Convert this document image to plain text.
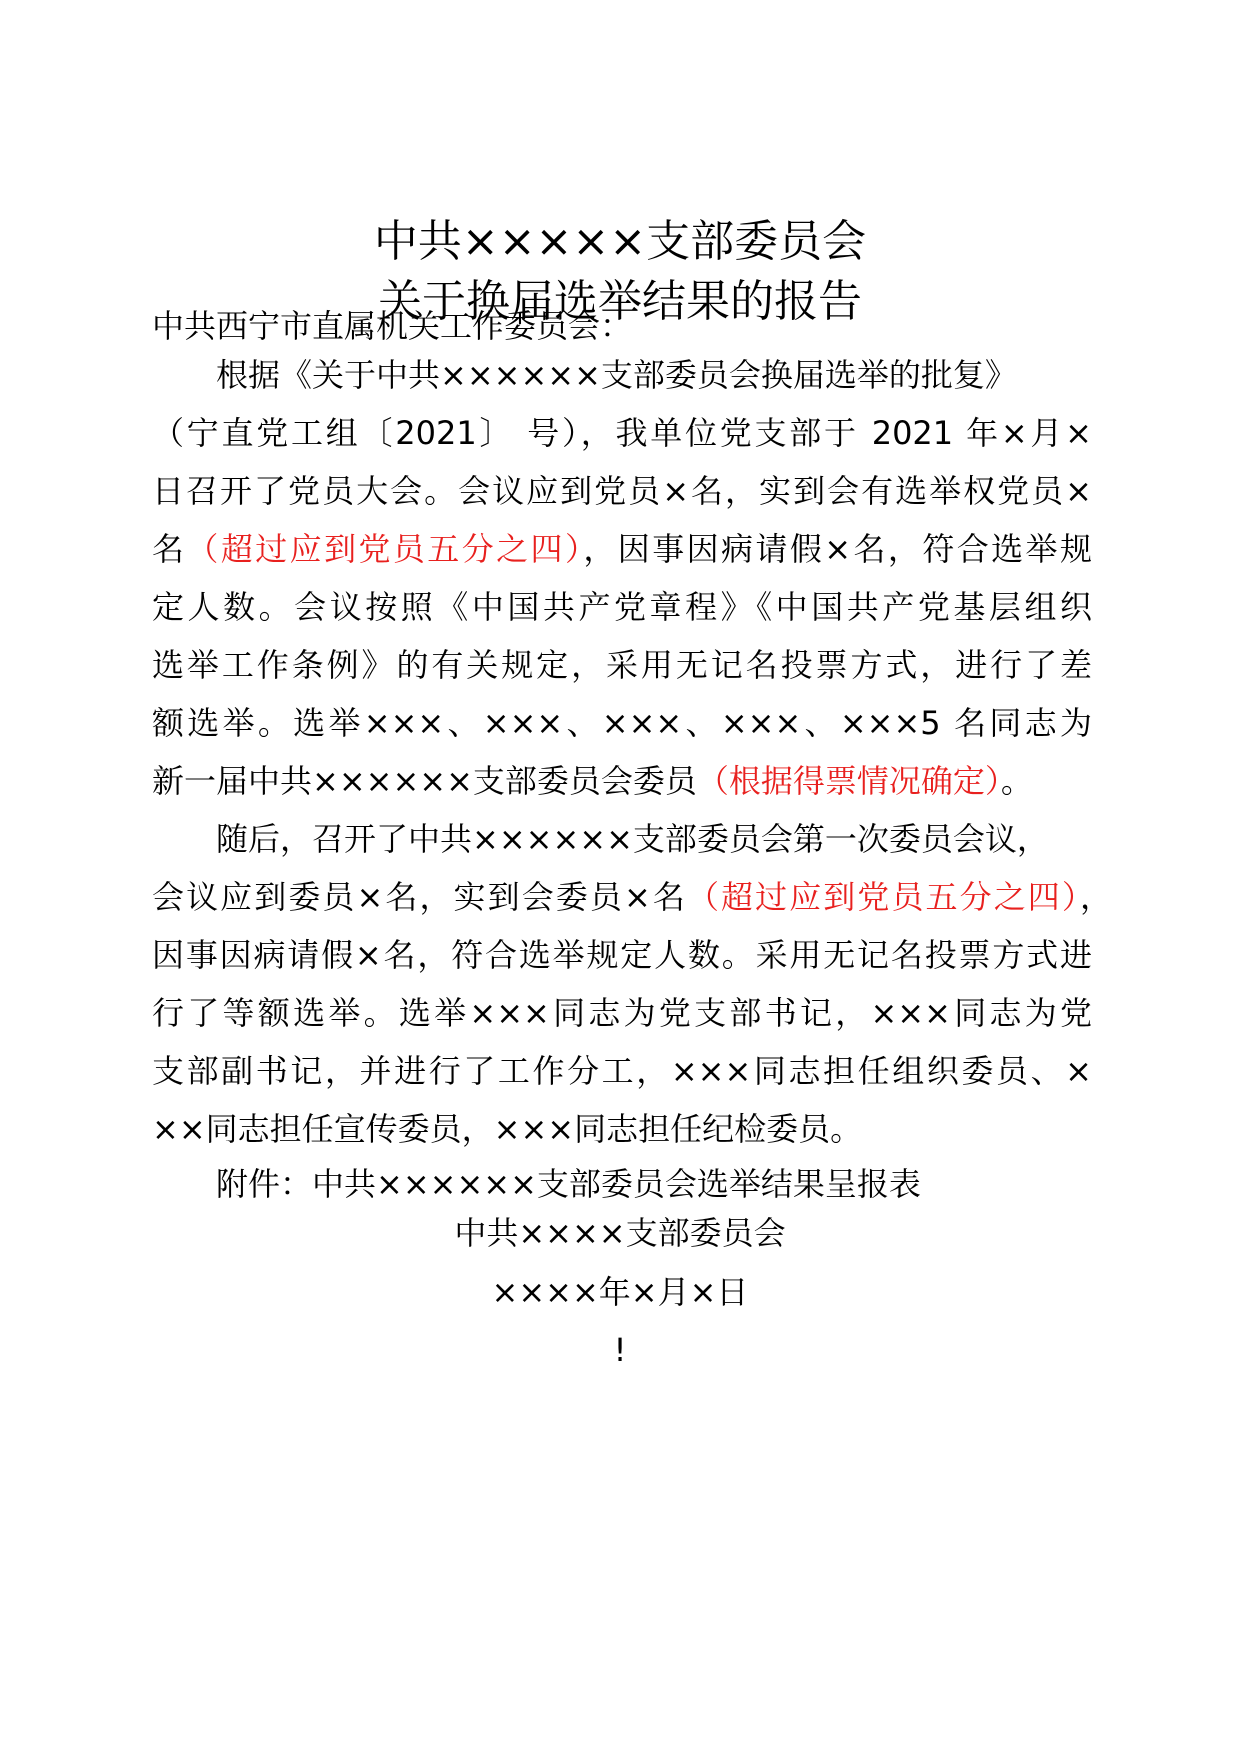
中共×××××支部委员会
关于换届选举结果的报告
中共西宁市直属机关工作委员会：
根据《关于中共××××××支部委员会换届选举的批复》
（宁直党工组〔2021〕 号），我单位党支部于 2021 年×月×
日召开了党员大会。会议应到党员×名，实到会有选举权党员×
名（超过应到党员五分之四），因事因病请假×名，符合选举规
定人数。会议按照《中国共产党章程》《中国共产党基层组织
选举工作条例》的有关规定，采用无记名投票方式，进行了差
额选举。选举×××、×××、×××、×××、×××5 名同志为
新一届中共××××××支部委员会委员（根据得票情况确定）。
随后，召开了中共××××××支部委员会第一次委员会议，
会议应到委员×名，实到会委员×名（超过应到党员五分之四），
因事因病请假×名，符合选举规定人数。采用无记名投票方式进
行了等额选举。选举×××同志为党支部书记，×××同志为党
支部副书记，并进行了工作分工，×××同志担任组织委员、×
××同志担任宣传委员，×××同志担任纪检委员。
附件：中共××××××支部委员会选举结果呈报表
中共××××支部委员会
××××年×月×日
!
